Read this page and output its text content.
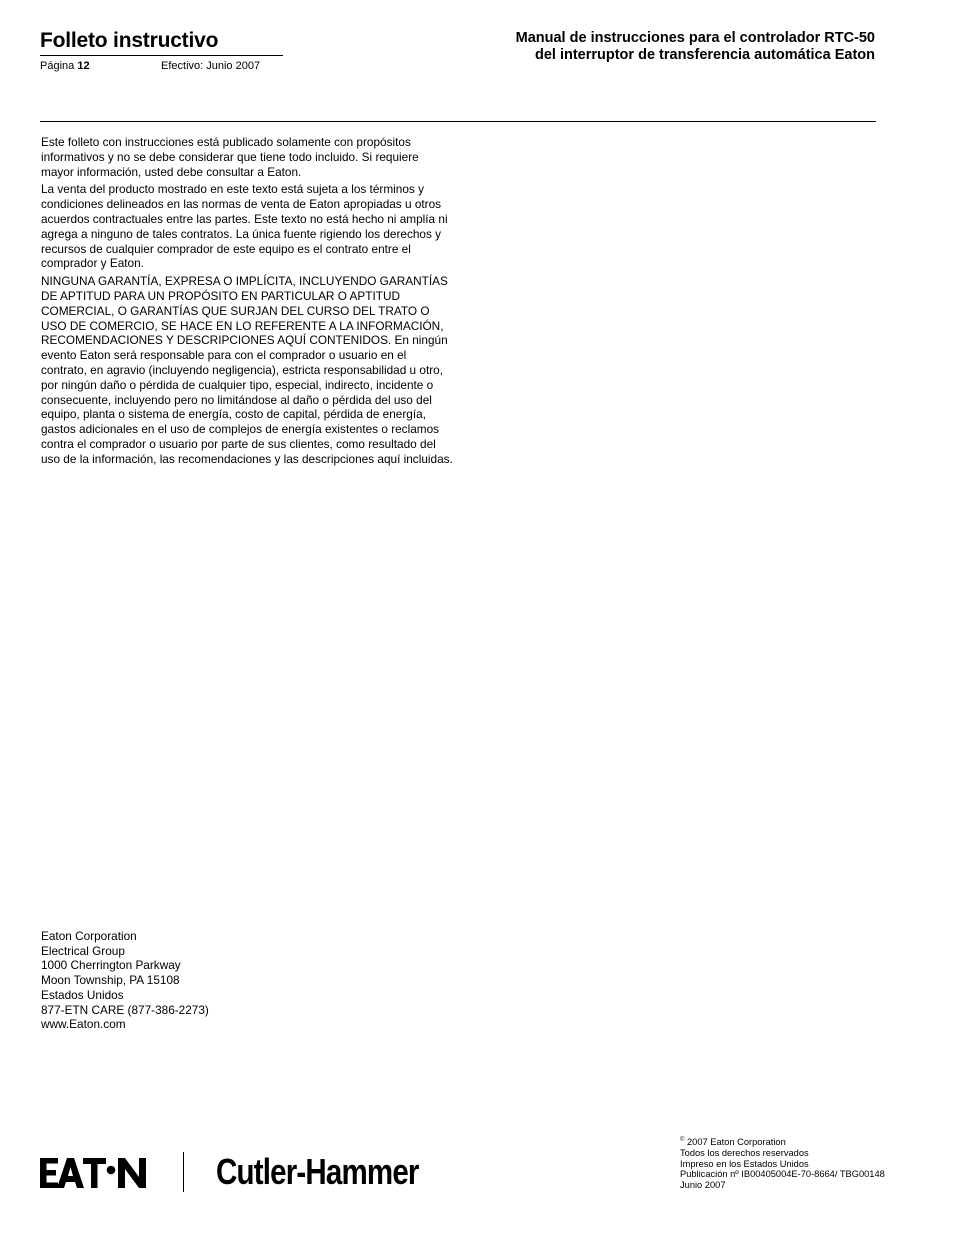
Folleto instructivo
Página 12	Efectivo: Junio 2007
Manual de instrucciones para el controlador RTC-50
del interruptor de transferencia automática Eaton

Este folleto con instrucciones está publicado solamente con propósitos informativos y no se debe considerar que tiene todo incluido. Si requiere mayor información, usted debe consultar a Eaton.

La venta del producto mostrado en este texto está sujeta a los términos y condiciones delineados en las normas de venta de Eaton apropiadas u otros acuerdos contractuales entre las partes. Este texto no está hecho ni amplía ni agrega a ninguno de tales contratos. La única fuente rigiendo los derechos y recursos de cualquier comprador de este equipo es el contrato entre el comprador y Eaton.

NINGUNA GARANTÍA, EXPRESA O IMPLÍCITA, INCLUYENDO GARANTÍAS DE APTITUD PARA UN PROPÓSITO EN PARTICULAR O APTITUD COMERCIAL, O GARANTÍAS QUE SURJAN DEL CURSO DEL TRATO O USO DE COMERCIO, SE HACE EN LO REFERENTE A LA INFORMACIÓN, RECOMENDACIONES Y DESCRIPCIONES AQUÍ CONTENIDOS. En ningún evento Eaton será responsable para con el comprador o usuario en el contrato, en agravio (incluyendo negligencia), estricta responsabilidad u otro, por ningún daño o pérdida de cualquier tipo, especial, indirecto, incidente o consecuente, incluyendo pero no limitándose al daño o pérdida del uso del equipo, planta o sistema de energía, costo de capital, pérdida de energía, gastos adicionales en el uso de complejos de energía existentes o reclamos contra el comprador o usuario por parte de sus clientes, como resultado del uso de la información, las recomendaciones y las descripciones aquí incluidas.

Eaton Corporation
Electrical Group
1000 Cherrington Parkway
Moon Township, PA 15108
Estados Unidos
877-ETN CARE (877-386-2273)
www.Eaton.com
Cutler-Hammer
© 2007 Eaton Corporation
Todos los derechos reservados
Impreso en los Estados Unidos
Publicación nº IB00405004E-70-8664/ TBG00148
Junio 2007
